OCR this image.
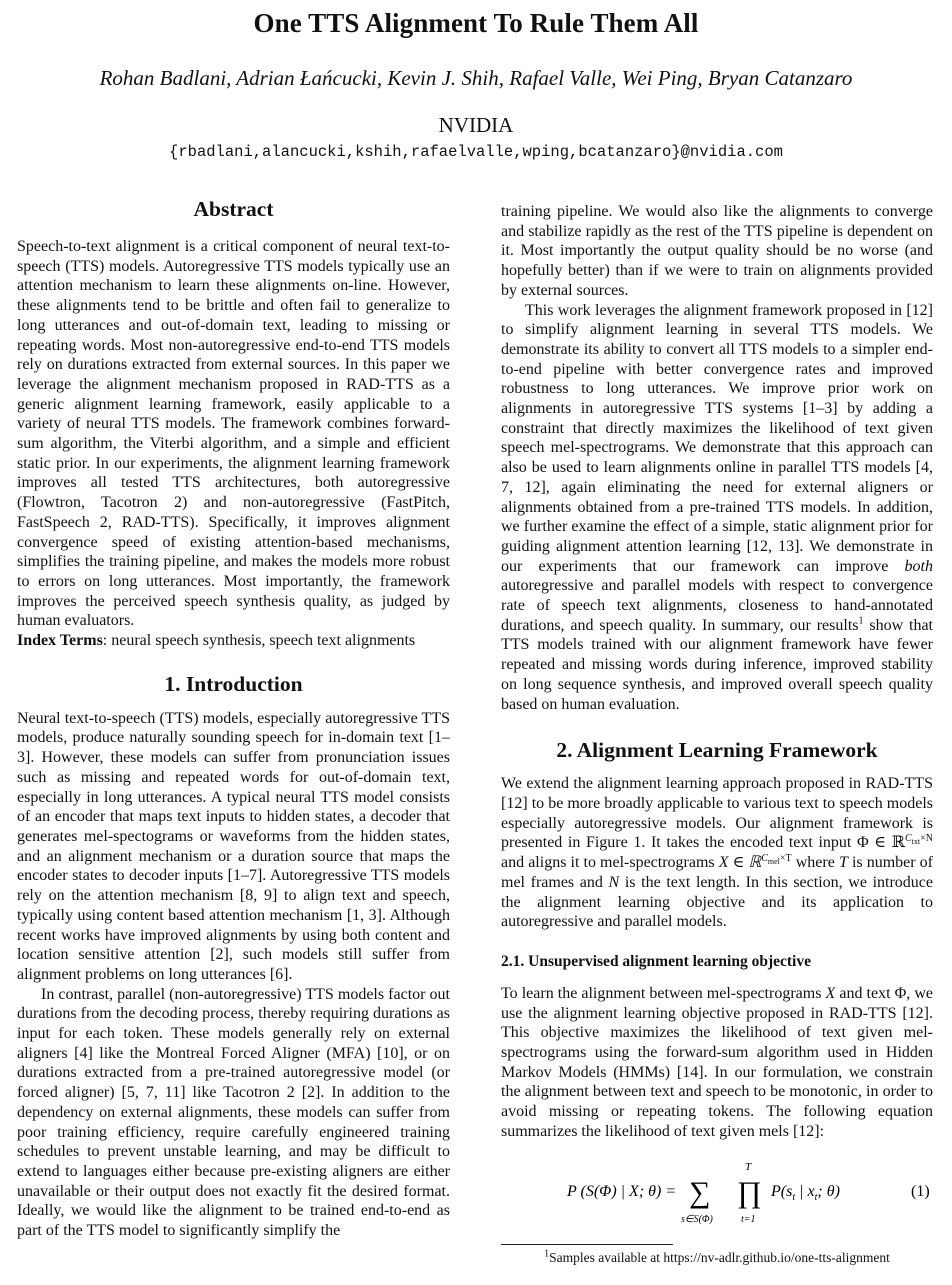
One TTS Alignment To Rule Them All
Rohan Badlani, Adrian Łańcucki, Kevin J. Shih, Rafael Valle, Wei Ping, Bryan Catanzaro
NVIDIA
{rbadlani,alancucki,kshih,rafaelvalle,wping,bcatanzaro}@nvidia.com
Abstract

Speech-to-text alignment is a critical component of neural text-to-speech (TTS) models. Autoregressive TTS models typically use an attention mechanism to learn these alignments on-line. However, these alignments tend to be brittle and often fail to generalize to long utterances and out-of-domain text, leading to missing or repeating words. Most non-autoregressive end-to-end TTS models rely on durations extracted from external sources. In this paper we leverage the alignment mechanism proposed in RAD-TTS as a generic alignment learning framework, easily applicable to a variety of neural TTS models. The framework combines forward-sum algorithm, the Viterbi algorithm, and a simple and efficient static prior. In our experiments, the alignment learning framework improves all tested TTS architectures, both autoregressive (Flowtron, Tacotron 2) and non-autoregressive (FastPitch, FastSpeech 2, RAD-TTS). Specifically, it improves alignment convergence speed of existing attention-based mechanisms, simplifies the training pipeline, and makes the models more robust to errors on long utterances. Most importantly, the framework improves the perceived speech synthesis quality, as judged by human evaluators.

Index Terms: neural speech synthesis, speech text alignments

1. Introduction

Neural text-to-speech (TTS) models, especially autoregressive TTS models, produce naturally sounding speech for in-domain text [1–3]. However, these models can suffer from pronunciation issues such as missing and repeated words for out-of-domain text, especially in long utterances. A typical neural TTS model consists of an encoder that maps text inputs to hidden states, a decoder that generates mel-spectograms or waveforms from the hidden states, and an alignment mechanism or a duration source that maps the encoder states to decoder inputs [1–7]. Autoregressive TTS models rely on the attention mechanism [8, 9] to align text and speech, typically using content based attention mechanism [1, 3]. Although recent works have improved alignments by using both content and location sensitive attention [2], such models still suffer from alignment problems on long utterances [6].

In contrast, parallel (non-autoregressive) TTS models factor out durations from the decoding process, thereby requiring durations as input for each token. These models generally rely on external aligners [4] like the Montreal Forced Aligner (MFA) [10], or on durations extracted from a pre-trained autoregressive model (or forced aligner) [5, 7, 11] like Tacotron 2 [2]. In addition to the dependency on external alignments, these models can suffer from poor training efficiency, require carefully engineered training schedules to prevent unstable learning, and may be difficult to extend to languages either because pre-existing aligners are either unavailable or their output does not exactly fit the desired format. Ideally, we would like the alignment to be trained end-to-end as part of the TTS model to significantly simplify the

training pipeline. We would also like the alignments to converge and stabilize rapidly as the rest of the TTS pipeline is dependent on it. Most importantly the output quality should be no worse (and hopefully better) than if we were to train on alignments provided by external sources.

This work leverages the alignment framework proposed in [12] to simplify alignment learning in several TTS models. We demonstrate its ability to convert all TTS models to a simpler end-to-end pipeline with better convergence rates and improved robustness to long utterances. We improve prior work on alignments in autoregressive TTS systems [1–3] by adding a constraint that directly maximizes the likelihood of text given speech mel-spectrograms. We demonstrate that this approach can also be used to learn alignments online in parallel TTS models [4, 7, 12], again eliminating the need for external aligners or alignments obtained from a pre-trained TTS models. In addition, we further examine the effect of a simple, static alignment prior for guiding alignment attention learning [12, 13]. We demonstrate in our experiments that our framework can improve both autoregressive and parallel models with respect to convergence rate of speech text alignments, closeness to hand-annotated durations, and speech quality. In summary, our results$^1$ show that TTS models trained with our alignment framework have fewer repeated and missing words during inference, improved stability on long sequence synthesis, and improved overall speech quality based on human evaluation.

2. Alignment Learning Framework

We extend the alignment learning approach proposed in RAD-TTS [12] to be more broadly applicable to various text to speech models especially autoregressive models. Our alignment framework is presented in Figure 1. It takes the encoded text input Φ ∈ ℝ$^{C_{txt}\times N}$ and aligns it to mel-spectrograms X ∈ ℝ$^{C_{mel}\times T}$ where T is number of mel frames and N is the text length. In this section, we introduce the alignment learning objective and its application to autoregressive and parallel models.

2.1. Unsupervised alignment learning objective

To learn the alignment between mel-spectrograms X and text Φ, we use the alignment learning objective proposed in RAD-TTS [12]. This objective maximizes the likelihood of text given mel-spectrograms using the forward-sum algorithm used in Hidden Markov Models (HMMs) [14]. In our formulation, we constrain the alignment between text and speech to be monotonic, in order to avoid missing or repeating tokens. The following equation summarizes the likelihood of text given mels [12]:

P (S(Φ) | X; θ) = ∑
s∈S(Φ)
∏
T
t=1
$P(s_t$ | $x_t$; θ)	(1)
$^1$Samples available at https://nv-adlr.github.io/one-tts-alignment
